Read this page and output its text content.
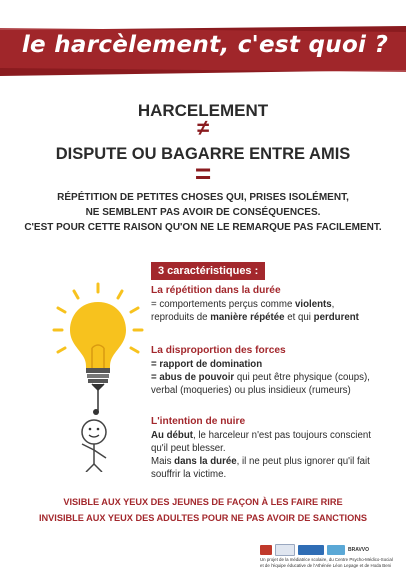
le harcèlement, c'est quoi ?
HARCELEMENT
≠
DISPUTE OU BAGARRE ENTRE AMIS
=
RÉPÉTITION DE PETITES CHOSES QUI, PRISES ISOLÉMENT,
NE SEMBLENT PAS AVOIR DE CONSÉQUENCES.
C'EST POUR CETTE RAISON QU'ON NE LE REMARQUE PAS FACILEMENT.
3 caractéristiques :
La répétition dans la durée
= comportements perçus comme violents,
reproduits de manière répétée et qui perdurent
La disproportion des forces
= rapport de domination
= abus de pouvoir qui peut être physique (coups),
verbal (moqueries) ou plus insidieux (rumeurs)
L'intention de nuire
Au début, le harceleur n'est pas toujours conscient
qu'il peut blesser.
Mais dans la durée, il ne peut plus ignorer qu'il fait
souffrir la victime.
VISIBLE AUX YEUX DES JEUNES DE FAÇON À LES FAIRE RIRE
INVISIBLE AUX YEUX DES ADULTES POUR NE PAS AVOIR DE SANCTIONS
BRAVVO
Un projet de la médiatrice scolaire, du Centre Psycho-Médico-Social
et de l'équipe éducative de l'Athénée Léon Lepage et de Hoda Beni
